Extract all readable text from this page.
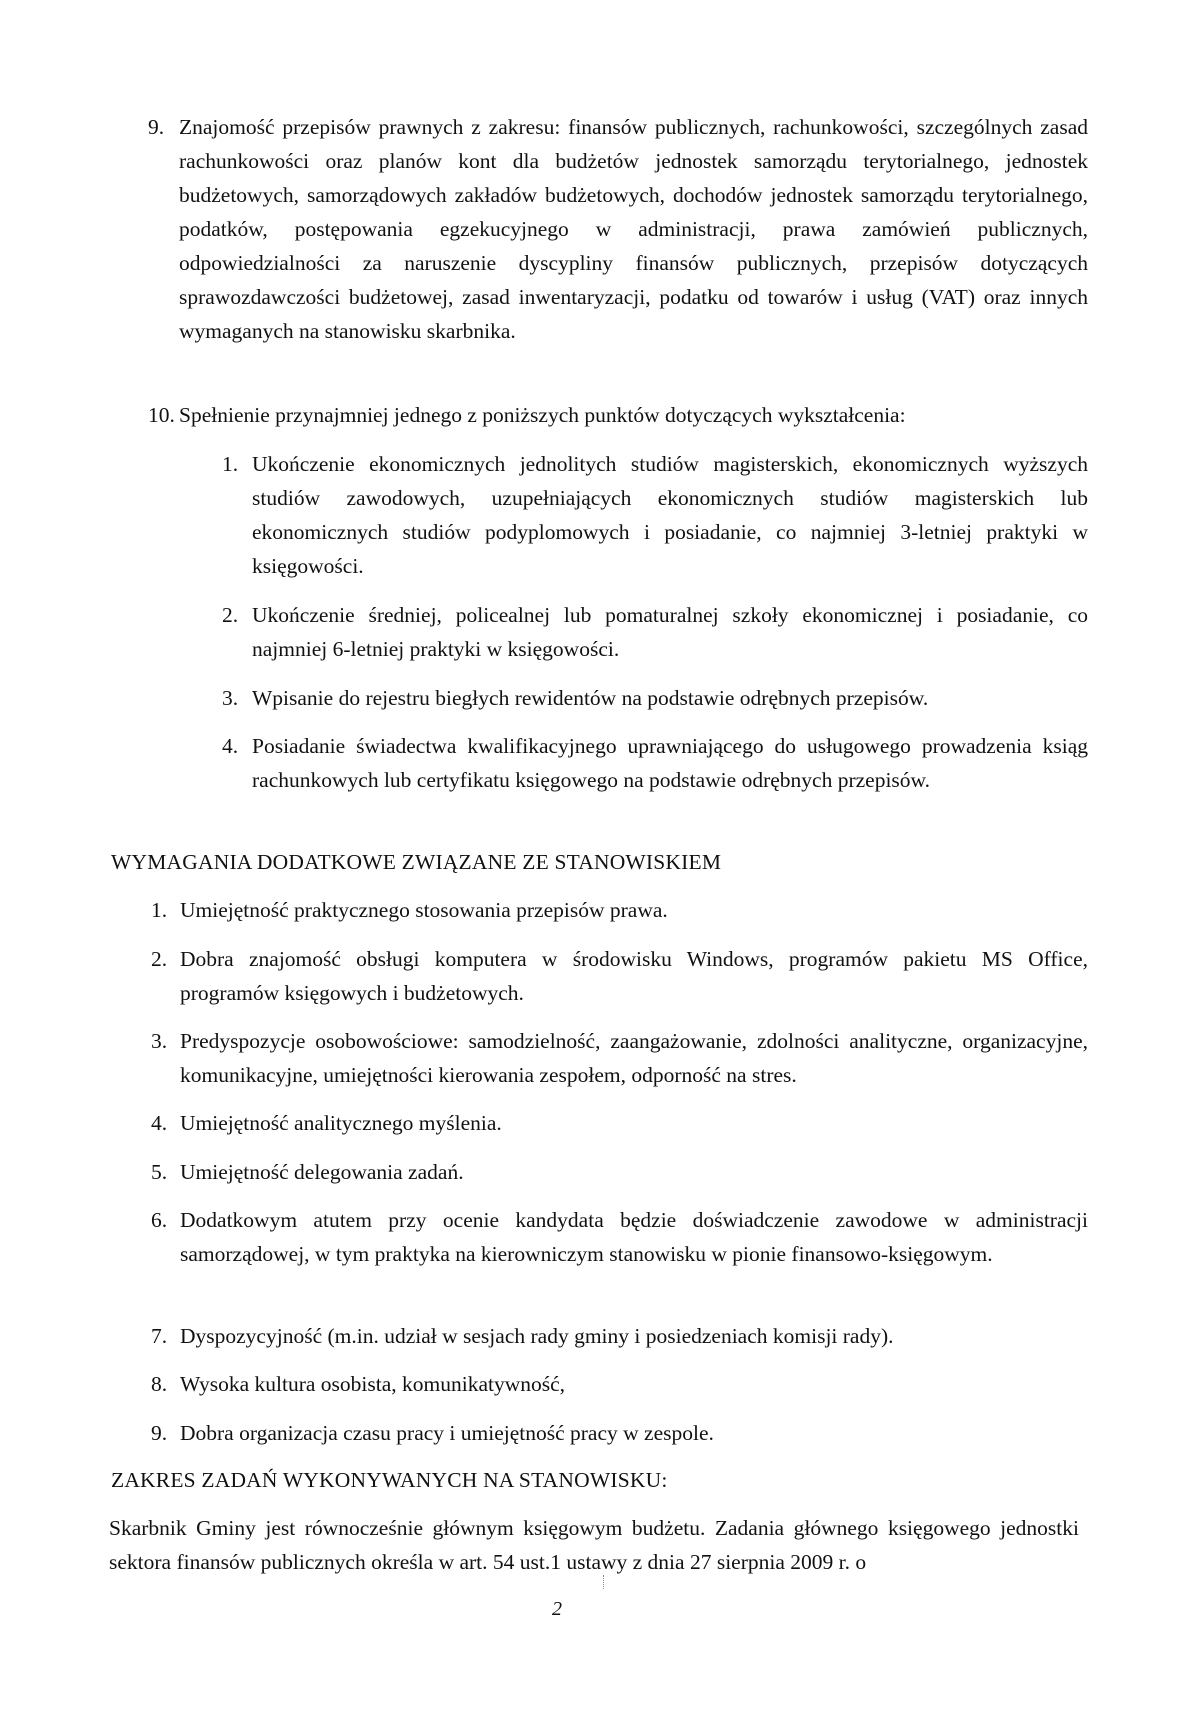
9. Znajomość przepisów prawnych z zakresu: finansów publicznych, rachunkowości, szczególnych zasad rachunkowości oraz planów kont dla budżetów jednostek samorządu terytorialnego, jednostek budżetowych, samorządowych zakładów budżetowych, dochodów jednostek samorządu terytorialnego, podatków, postępowania egzekucyjnego w administracji, prawa zamówień publicznych, odpowiedzialności za naruszenie dyscypliny finansów publicznych, przepisów dotyczących sprawozdawczości budżetowej, zasad inwentaryzacji, podatku od towarów i usług (VAT) oraz innych wymaganych na stanowisku skarbnika.
10. Spełnienie przynajmniej jednego z poniższych punktów dotyczących wykształcenia:
1. Ukończenie ekonomicznych jednolitych studiów magisterskich, ekonomicznych wyższych studiów zawodowych, uzupełniających ekonomicznych studiów magisterskich lub ekonomicznych studiów podyplomowych i posiadanie, co najmniej 3-letniej praktyki w księgowości.
2. Ukończenie średniej, policealnej lub pomaturalnej szkoły ekonomicznej i posiadanie, co najmniej 6-letniej praktyki w księgowości.
3. Wpisanie do rejestru biegłych rewidentów na podstawie odrębnych przepisów.
4. Posiadanie świadectwa kwalifikacyjnego uprawniającego do usługowego prowadzenia ksiąg rachunkowych lub certyfikatu księgowego na podstawie odrębnych przepisów.
WYMAGANIA DODATKOWE ZWIĄZANE ZE STANOWISKIEM
1. Umiejętność praktycznego stosowania przepisów prawa.
2. Dobra znajomość obsługi komputera w środowisku Windows, programów pakietu MS Office, programów księgowych i budżetowych.
3. Predyspozycje osobowościowe: samodzielność, zaangażowanie, zdolności analityczne, organizacyjne, komunikacyjne, umiejętności kierowania zespołem, odporność na stres.
4. Umiejętność analitycznego myślenia.
5. Umiejętność delegowania zadań.
6. Dodatkowym atutem przy ocenie kandydata będzie doświadczenie zawodowe w administracji samorządowej, w tym praktyka na kierowniczym stanowisku w pionie finansowo-księgowym.
7. Dyspozycyjność (m.in. udział w sesjach rady gminy i posiedzeniach komisji rady).
8. Wysoka kultura osobista, komunikatywność,
9. Dobra organizacja czasu pracy i umiejętność pracy w zespole.
ZAKRES ZADAŃ WYKONYWANYCH NA STANOWISKU:
Skarbnik Gminy jest równocześnie głównym księgowym budżetu. Zadania głównego księgowego jednostki sektora finansów publicznych określa w art. 54 ust.1 ustawy z dnia 27 sierpnia 2009 r. o
2
